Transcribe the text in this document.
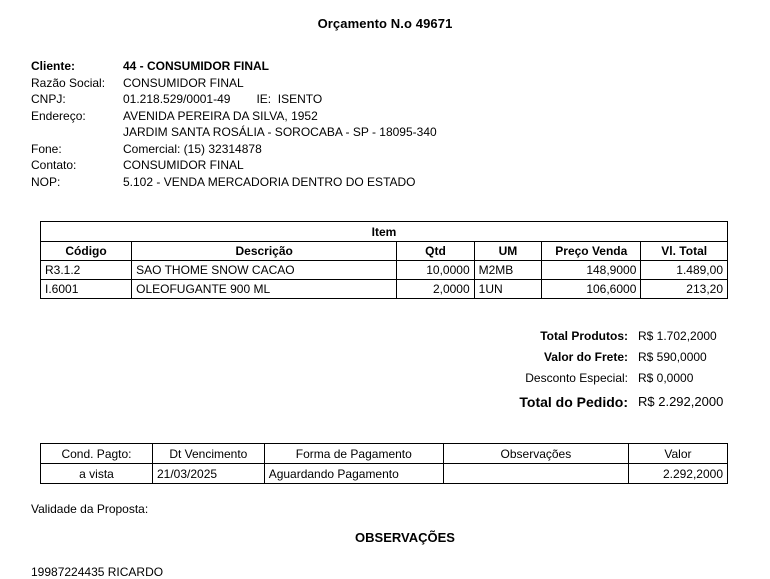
Orçamento N.o 49671
Cliente:	44 - CONSUMIDOR FINAL
Razão Social:	CONSUMIDOR FINAL
CNPJ:	01.218.529/0001-49 IE:  ISENTO
Endereço:	AVENIDA PEREIRA DA SILVA, 1952
JARDIM SANTA ROSÁLIA - SOROCABA - SP - 18095-340
Fone:	Comercial: (15) 32314878
Contato:	CONSUMIDOR FINAL
NOP:	5.102 - VENDA MERCADORIA DENTRO DO ESTADO
Item					
Código	Descrição	Qtd	UM	Preço Venda	Vl. Total
R3.1.2	SAO THOME SNOW CACAO	10,0000	M2MB	148,9000	1.489,00
I.6001	OLEOFUGANTE 900 ML	2,0000	1UN	106,6000	213,20
Total Produtos: R$ 1.702,2000
Valor do Frete: R$ 590,0000
Desconto Especial: R$ 0,0000
Total do Pedido: R$ 2.292,2000
Cond. Pagto:	Dt Vencimento	Forma de Pagamento	Observações	Valor
a vista	21/03/2025	Aguardando Pagamento		2.292,2000
Validade da Proposta:
OBSERVAÇÕES
19987224435 RICARDO
